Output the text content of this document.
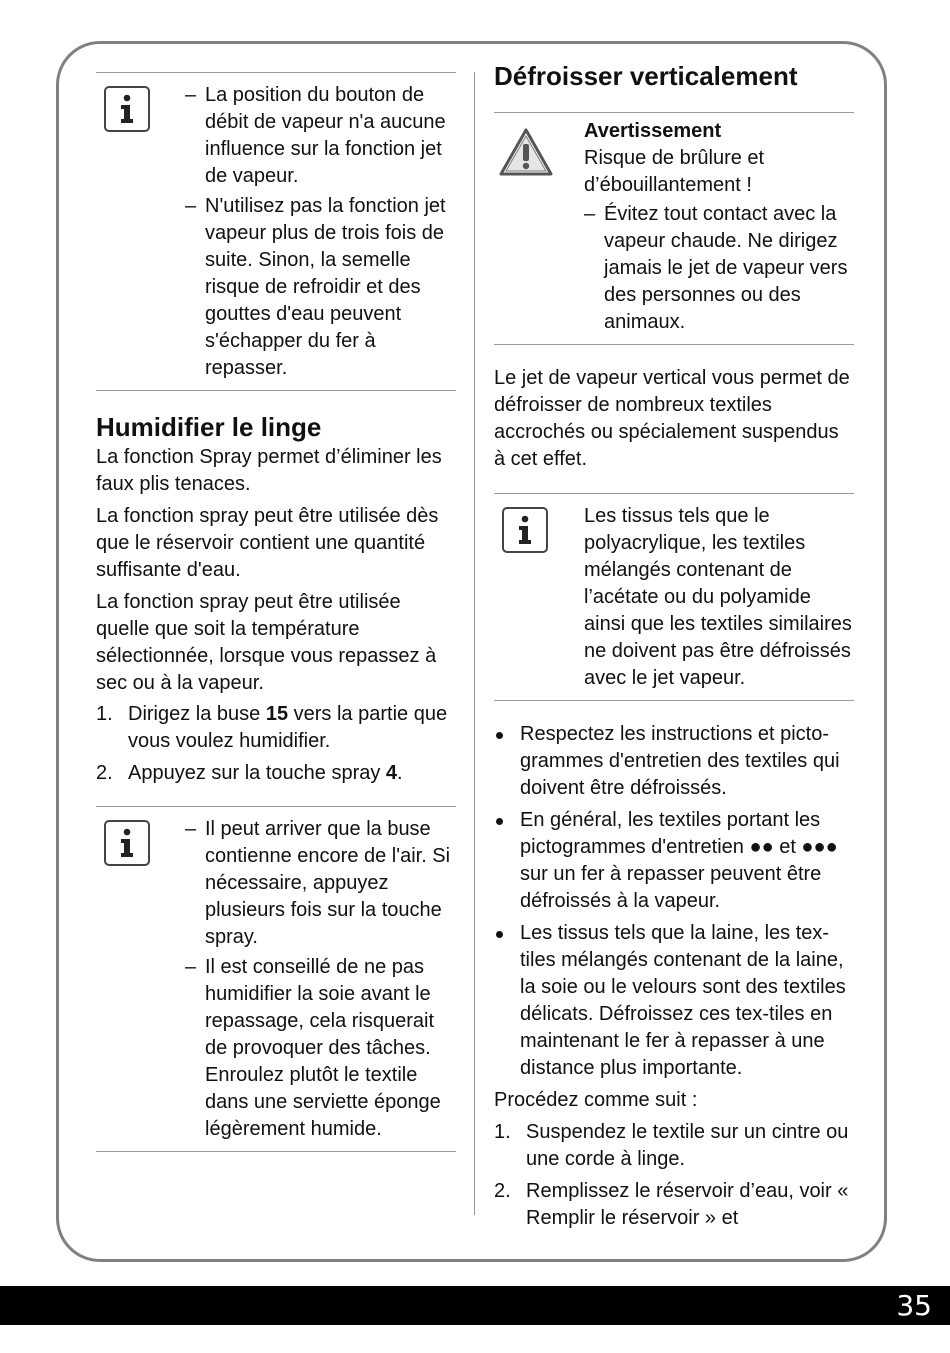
– La position du bouton de débit de vapeur n'a aucune influence sur la fonction jet de vapeur.
– N'utilisez pas la fonction jet vapeur plus de trois fois de suite. Sinon, la semelle risque de refroidir et des gouttes d'eau peuvent s'échapper du fer à repasser.
Humidifier le linge

La fonction Spray permet d’éliminer les faux plis tenaces.

La fonction spray peut être utilisée dès que le réservoir contient une quantité suffisante d'eau.

La fonction spray peut être utilisée quelle que soit la température sélectionnée, lorsque vous repassez à sec ou à la vapeur.

1. Dirigez la buse 15 vers la partie que vous voulez humidifier.
2. Appuyez sur la touche spray 4.
– Il peut arriver que la buse contienne encore de l'air. Si nécessaire, appuyez plusieurs fois sur la touche spray.
– Il est conseillé de ne pas humidifier la soie avant le repassage, cela risquerait de provoquer des tâches. Enroulez plutôt le textile dans une serviette éponge légèrement humide.
Défroisser verticalement
Avertissement
Risque de brûlure et d’ébouillantement !
– Évitez tout contact avec la vapeur chaude. Ne dirigez jamais le jet de vapeur vers des personnes ou des animaux.

Le jet de vapeur vertical vous permet de défroisser de nombreux textiles accrochés ou spécialement suspendus à cet effet.

Les tissus tels que le polyacrylique, les textiles mélangés contenant de l’acétate ou du polyamide ainsi que les textiles similaires ne doivent pas être défroissés avec le jet vapeur.

Respectez les instructions et picto-grammes d'entretien des textiles qui doivent être défroissés.
En général, les textiles portant les pictogrammes d'entretien ●● et ●●● sur un fer à repasser peuvent être défroissés à la vapeur.
Les tissus tels que la laine, les tex-tiles mélangés contenant de la laine, la soie ou le velours sont des textiles délicats. Défroissez ces tex-tiles en maintenant le fer à repasser à une distance plus importante.

Procédez comme suit :

1. Suspendez le textile sur un cintre ou une corde à linge.
2. Remplissez le réservoir d’eau, voir « Remplir le réservoir » et
35
